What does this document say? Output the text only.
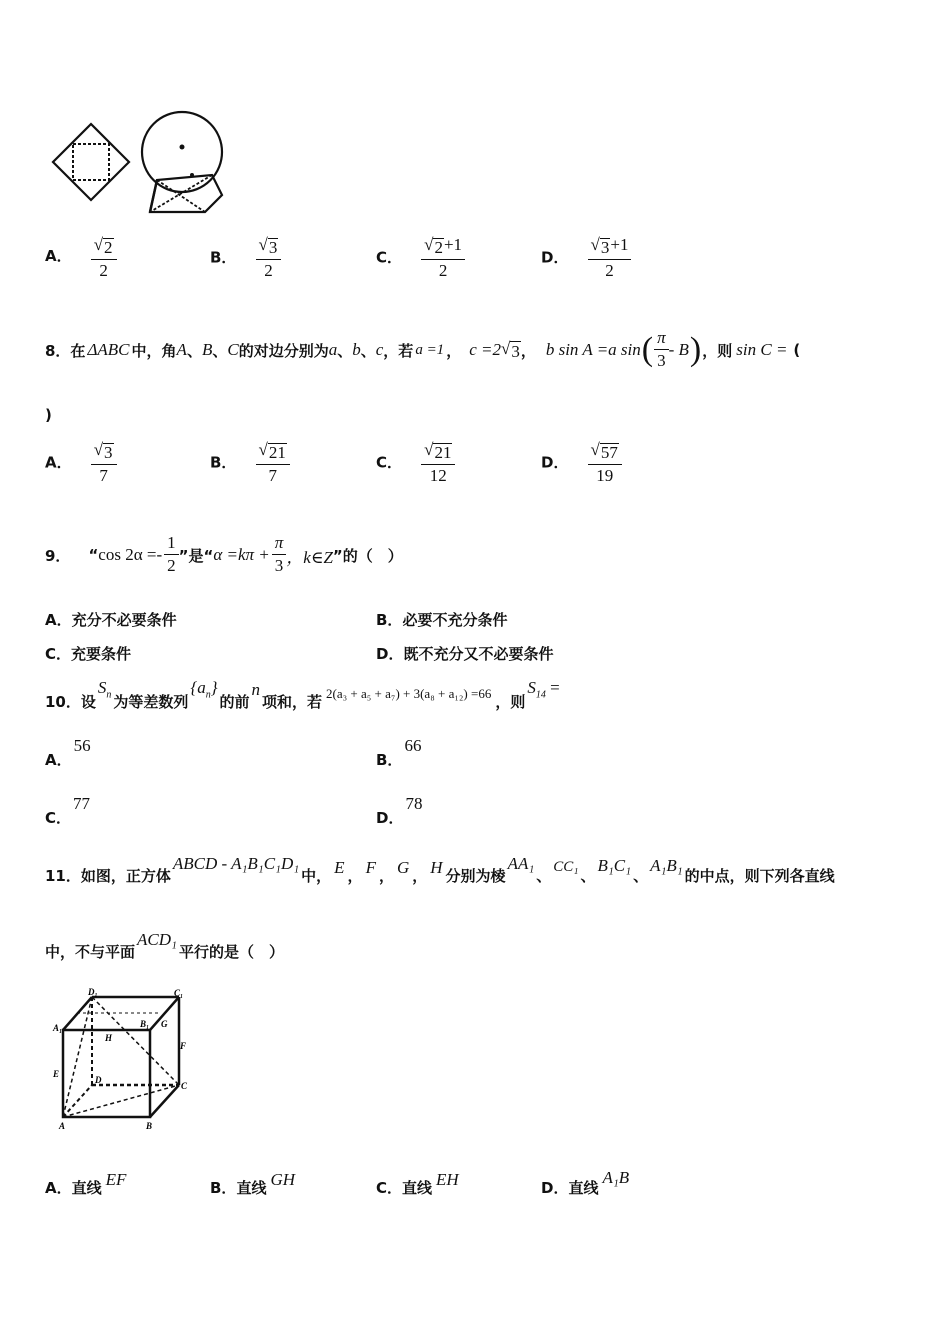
A． $\frac{√ 2}{2}$	B． $\frac{√ 3}{2}$	C． $\frac{√ 2 +1}{2}$	D． $\frac{√ 3 +1}{2}$
8．在 ΔABC 中，角 A 、 B 、 C 的对边分别为 a 、 b 、 c ，若 a =1 ， c =2 √ 3 ， b sin A =a sin ( $\frac{\pi}{3}$ - B ) ，则 sin C = (
)
A． $\frac{√ 3}{7}$	B． $\frac{√ 21}{7}$	C． $\frac{√ 21}{12}$	D． $\frac{√ 57}{19}$
9． “ $\cos 2\alpha =- \frac{1}{2}$ ”是“ $\alpha =k\pi + \frac{\pi}{3}$ ，k∈Z ”的（　）
A．充分不必要条件	B．必要不充分条件
C．充要条件	D．既不充分又不必要条件
10．设
$S_n$ 为等差数列
$\{a_n\}$
的前
n
项和，若 2(a₃ + a₅ + a₇) + 3(a₈ + a₁₂) =66 ，则
$S_{14}$ =
A．56
B．66
C．77
D．78
11．如图，正方体
ABCD - A₁B₁C₁D₁
中， E ， F ， G ， H 分别为棱
AA₁
、 CC₁ 、
B₁C₁
、
A₁B₁
的中点，则下列各直线
中，不与平面
ACD₁
平行的是（　）
D₁	C₁
A₁	B₁ G
H
F
E
D
C
A	B
A． 直线 EF	B． 直线 GH	C． 直线 EH	D． 直线
A₁B
